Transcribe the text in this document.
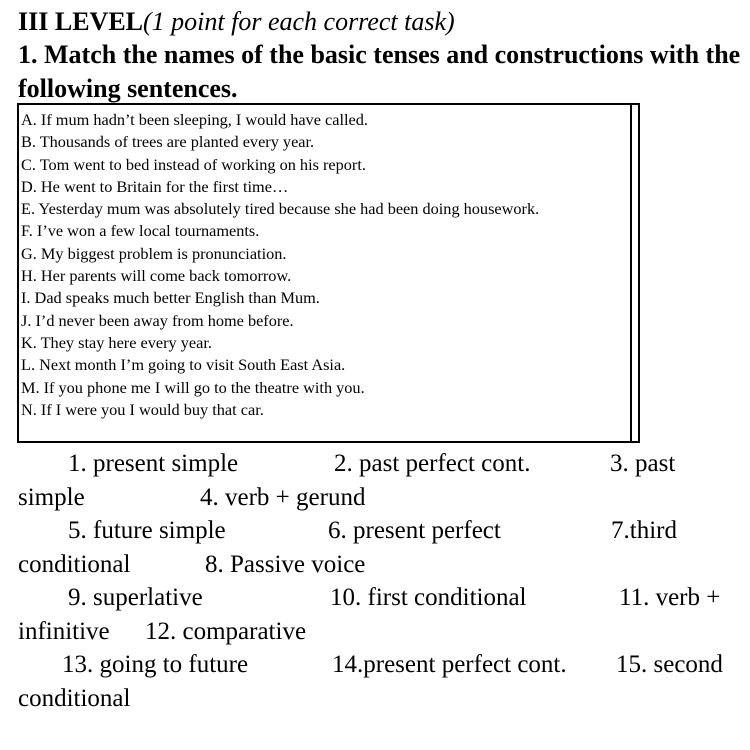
III LEVEL(1 point for each correct task)
1. Match the names of the basic tenses and constructions with the following sentences.
A. If mum hadn’t been sleeping, I would have called.
B. Thousands of trees are planted every year.
C. Tom went to bed instead of working on his report.
D. He went to Britain for the first time…
E. Yesterday mum was absolutely tired because she had been doing housework.
F. I’ve won a few local tournaments.
G. My biggest problem is pronunciation.
H. Her parents will come back tomorrow.
I. Dad speaks much better English than Mum.
J. I’d never been away from home before.
K. They stay here every year.
L. Next month I’m going to visit South East Asia.
M. If you phone me I will go to the theatre with you.
N. If I were you I would buy that car.
1. present simple	2. past perfect cont.	3. past
simple	4. verb + gerund
5. future simple	6. present perfect	7.third
conditional	8. Passive voice
9. superlative	10. first conditional	11. verb +
infinitive 12. comparative
13. going to future	14.present perfect cont. 15. second
conditional
